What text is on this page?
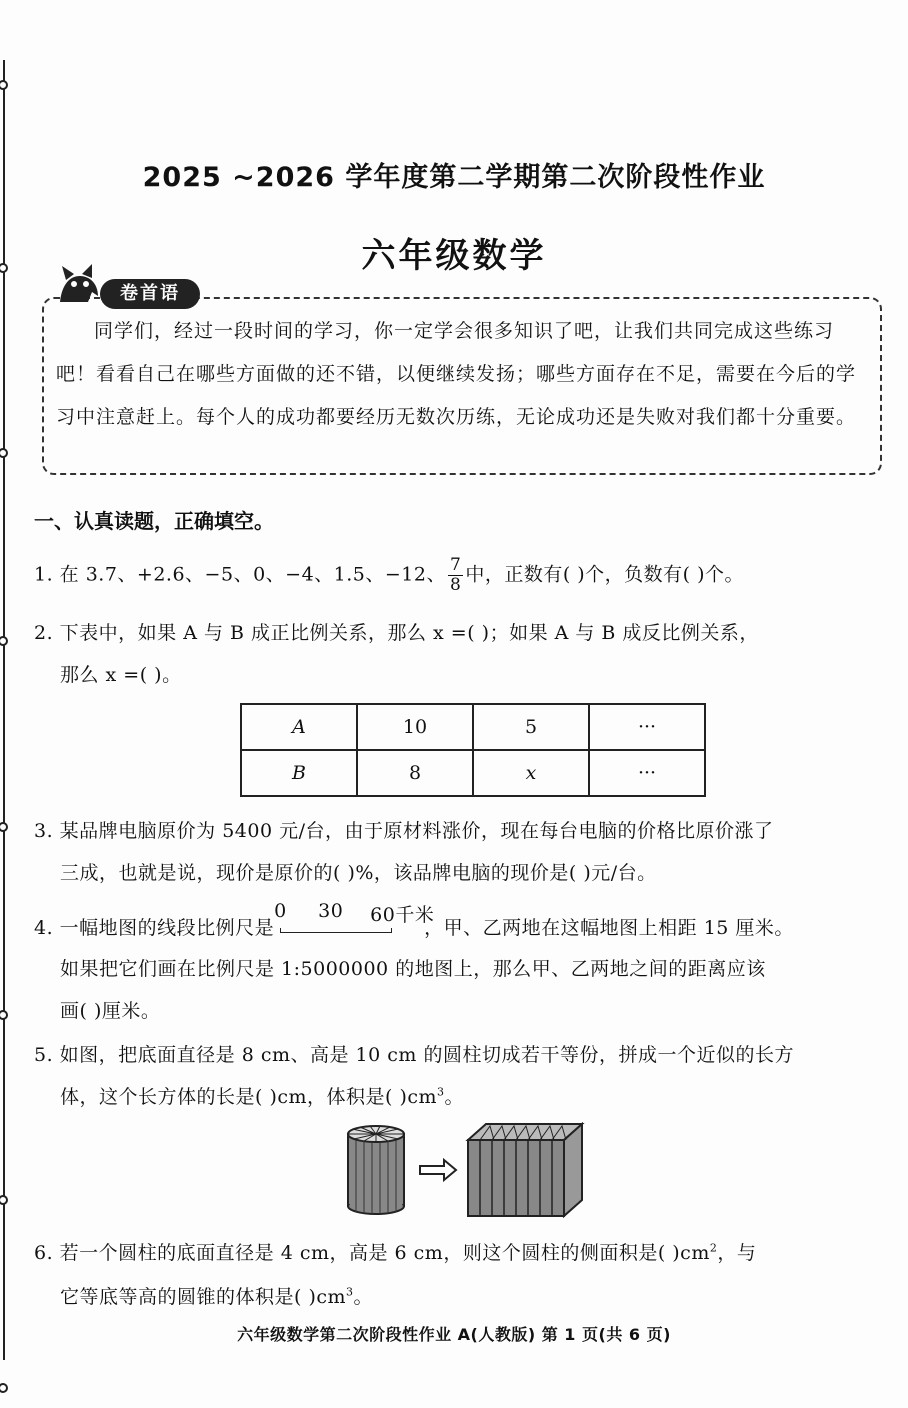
2025 ~2026 学年度第二学期第二次阶段性作业
六年级数学
卷首语
同学们，经过一段时间的学习，你一定学会很多知识了吧，让我们共同完成这些练习吧！看看自己在哪些方面做的还不错，以便继续发扬；哪些方面存在不足，需要在今后的学习中注意赶上。每个人的成功都要经历无数次历练，无论成功还是失败对我们都十分重要。
一、认真读题，正确填空。
1. 在 3.7、+2.6、−5、0、−4、1.5、−12、 $\frac{7}{8}$ 中，正数有( )个，负数有( )个。
2. 下表中，如果 A 与 B 成正比例关系，那么 x =( )；如果 A 与 B 成反比例关系，
那么 x =( )。
A	10	5	···
B	8	x	···
3. 某品牌电脑原价为 5400 元/台，由于原材料涨价，现在每台电脑的价格比原价涨了
三成，也就是说，现价是原价的( )%，该品牌电脑的现价是( )元/台。
4. 一幅地图的线段比例尺是
0 30 60千米
，甲、乙两地在这幅地图上相距 15 厘米。
如果把它们画在比例尺是 1:5000000 的地图上，那么甲、乙两地之间的距离应该
画( )厘米。
5. 如图，把底面直径是 8 cm、高是 10 cm 的圆柱切成若干等份，拼成一个近似的长方
体，这个长方体的长是( )cm，体积是( )$cm^3$。
6. 若一个圆柱的底面直径是 4 cm，高是 6 cm，则这个圆柱的侧面积是( )$cm^2$，与
它等底等高的圆锥的体积是( )$cm^3$。
六年级数学第二次阶段性作业 A(人教版) 第 1 页(共 6 页)
